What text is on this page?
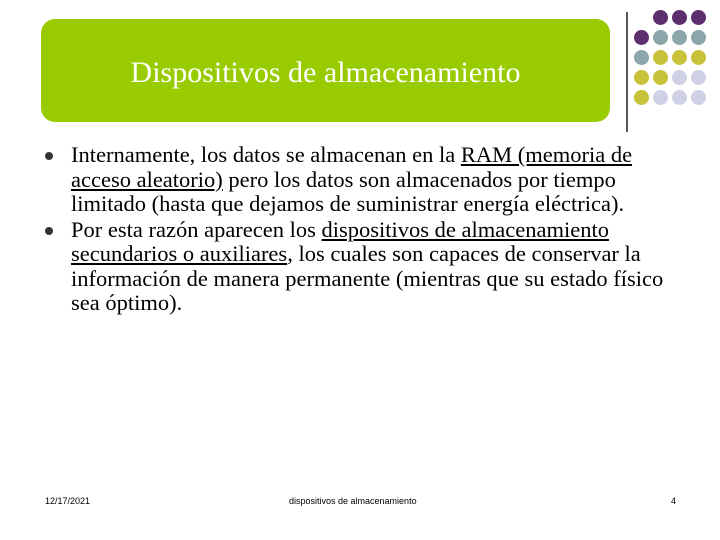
Dispositivos de almacenamiento
Internamente, los datos se almacenan en la RAM (memoria de acceso aleatorio) pero los datos son almacenados por tiempo limitado (hasta que dejamos de suministrar energía eléctrica).
Por esta razón aparecen los dispositivos de almacenamiento secundarios o auxiliares, los cuales son capaces de conservar la información de manera permanente (mientras que su estado físico sea óptimo).
12/17/2021	dispositivos de almacenamiento	4
